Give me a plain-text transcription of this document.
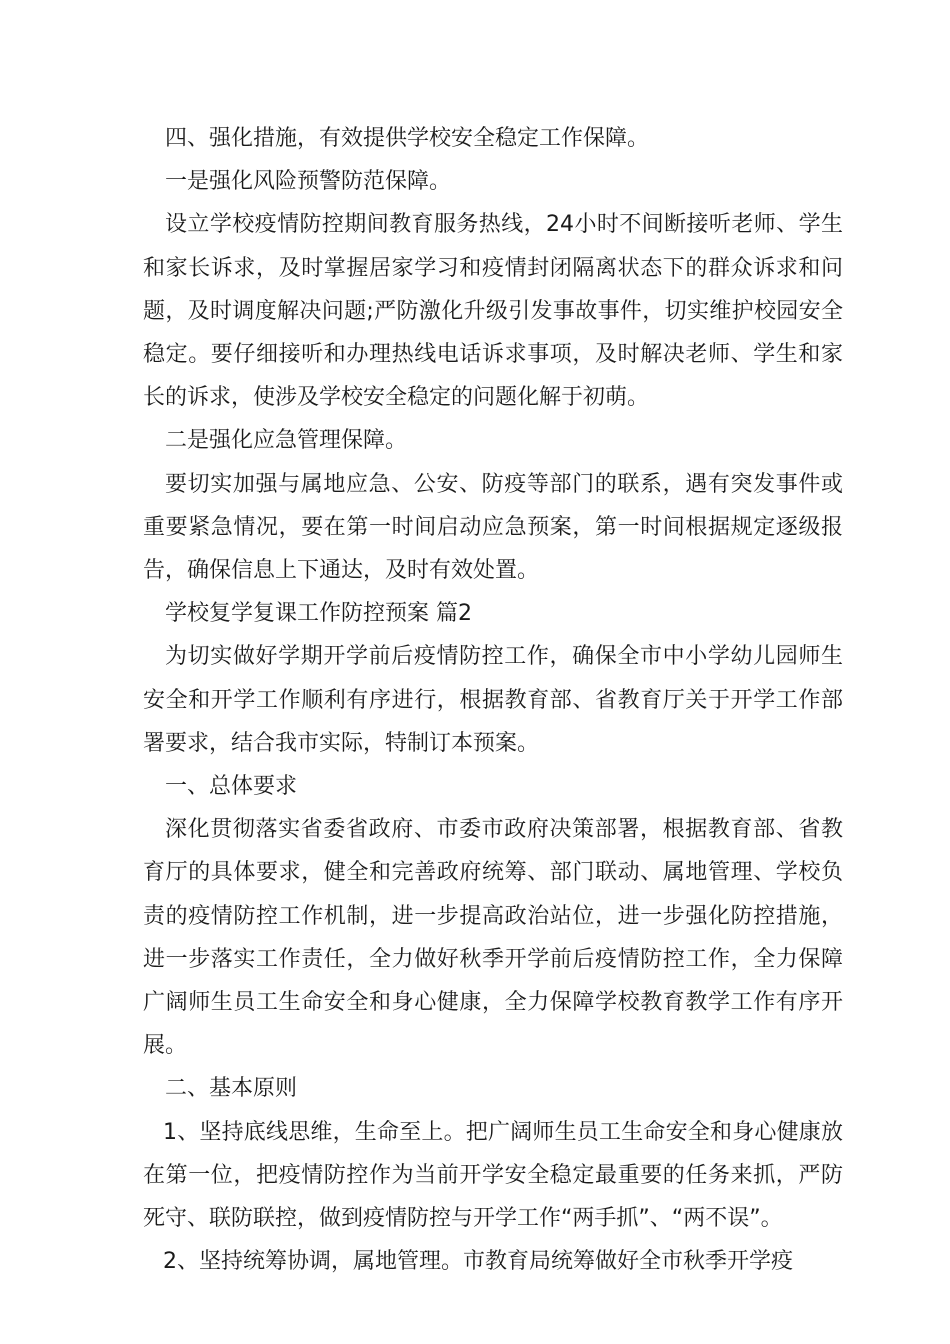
四、强化措施，有效提供学校安全稳定工作保障。

一是强化风险预警防范保障。

设立学校疫情防控期间教育服务热线，24小时不间断接听老师、学生和家长诉求，及时掌握居家学习和疫情封闭隔离状态下的群众诉求和问题，及时调度解决问题;严防激化升级引发事故事件，切实维护校园安全稳定。要仔细接听和办理热线电话诉求事项，及时解决老师、学生和家长的诉求，使涉及学校安全稳定的问题化解于初萌。

二是强化应急管理保障。

要切实加强与属地应急、公安、防疫等部门的联系，遇有突发事件或重要紧急情况，要在第一时间启动应急预案，第一时间根据规定逐级报告，确保信息上下通达，及时有效处置。

学校复学复课工作防控预案 篇2

为切实做好学期开学前后疫情防控工作，确保全市中小学幼儿园师生安全和开学工作顺利有序进行，根据教育部、省教育厅关于开学工作部署要求，结合我市实际，特制订本预案。

一、总体要求

深化贯彻落实省委省政府、市委市政府决策部署，根据教育部、省教育厅的具体要求，健全和完善政府统筹、部门联动、属地管理、学校负责的疫情防控工作机制，进一步提高政治站位，进一步强化防控措施，进一步落实工作责任，全力做好秋季开学前后疫情防控工作，全力保障广阔师生员工生命安全和身心健康，全力保障学校教育教学工作有序开展。

二、基本原则

1、坚持底线思维，生命至上。把广阔师生员工生命安全和身心健康放在第一位，把疫情防控作为当前开学安全稳定最重要的任务来抓，严防死守、联防联控，做到疫情防控与开学工作“两手抓”、“两不误”。

2、坚持统筹协调，属地管理。市教育局统筹做好全市秋季开学疫
